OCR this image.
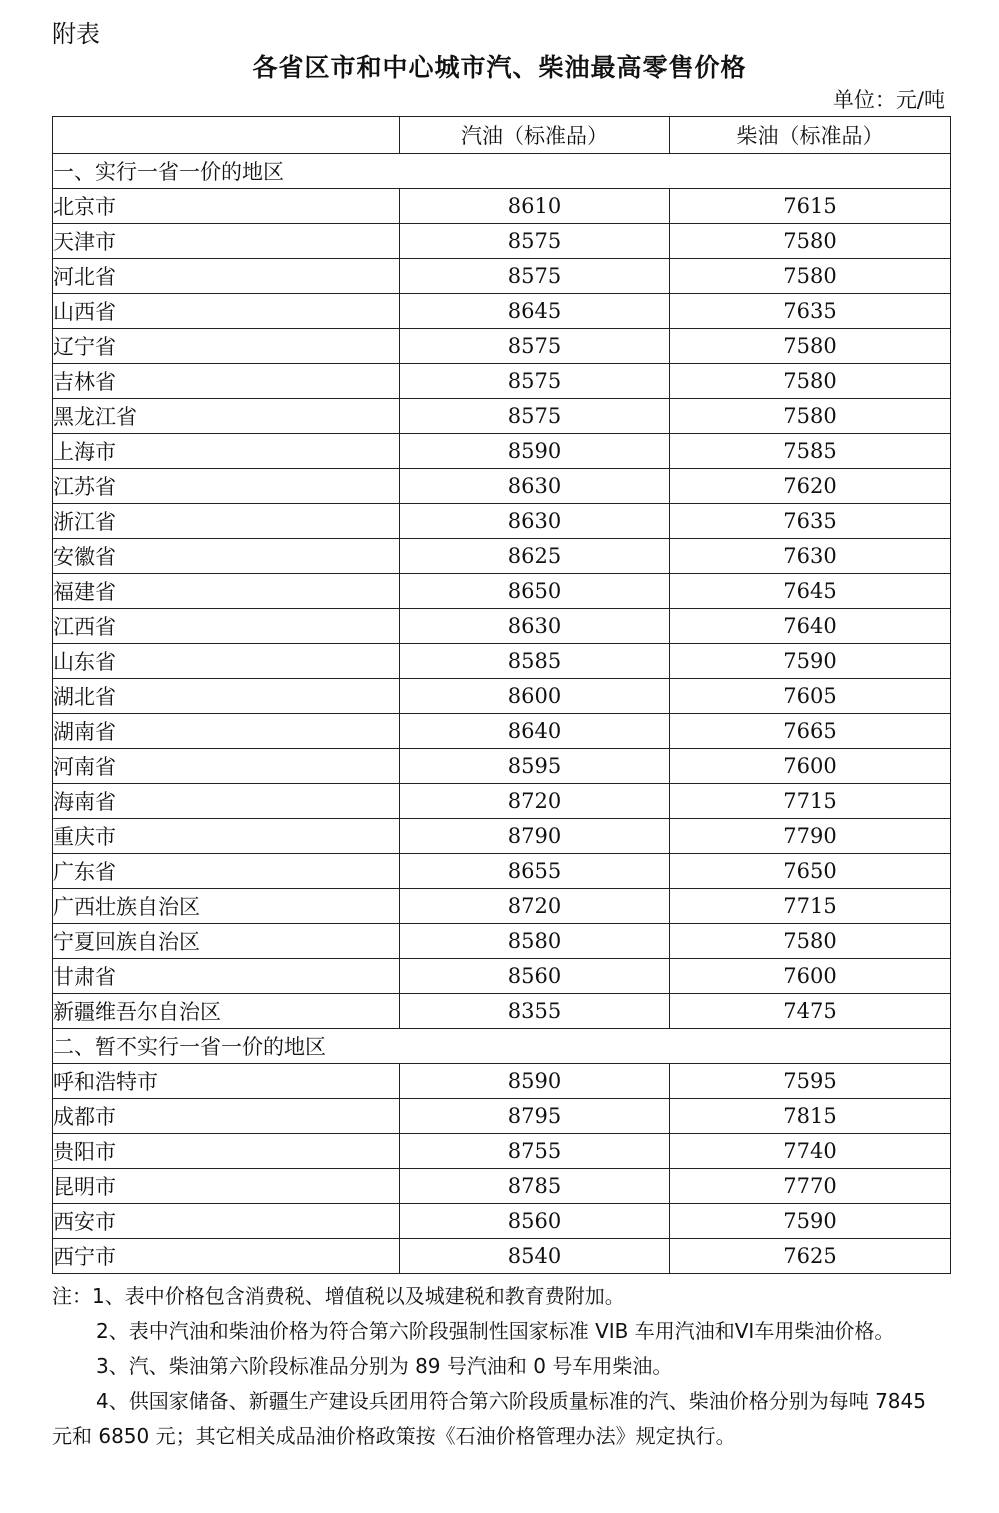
附表
各省区市和中心城市汽、柴油最高零售价格
单位：元/吨
	汽油（标准品）	柴油（标准品）
一、实行一省一价的地区		
北京市	8610	7615
天津市	8575	7580
河北省	8575	7580
山西省	8645	7635
辽宁省	8575	7580
吉林省	8575	7580
黑龙江省	8575	7580
上海市	8590	7585
江苏省	8630	7620
浙江省	8630	7635
安徽省	8625	7630
福建省	8650	7645
江西省	8630	7640
山东省	8585	7590
湖北省	8600	7605
湖南省	8640	7665
河南省	8595	7600
海南省	8720	7715
重庆市	8790	7790
广东省	8655	7650
广西壮族自治区	8720	7715
宁夏回族自治区	8580	7580
甘肃省	8560	7600
新疆维吾尔自治区	8355	7475
二、暂不实行一省一价的地区		
呼和浩特市	8590	7595
成都市	8795	7815
贵阳市	8755	7740
昆明市	8785	7770
西安市	8560	7590
西宁市	8540	7625

注：1、表中价格包含消费税、增值税以及城建税和教育费附加。

2、表中汽油和柴油价格为符合第六阶段强制性国家标准 VIB 车用汽油和VI车用柴油价格。

3、汽、柴油第六阶段标准品分别为 89 号汽油和 0 号车用柴油。

4、供国家储备、新疆生产建设兵团用符合第六阶段质量标准的汽、柴油价格分别为每吨 7845 元和 6850 元；其它相关成品油价格政策按《石油价格管理办法》规定执行。
